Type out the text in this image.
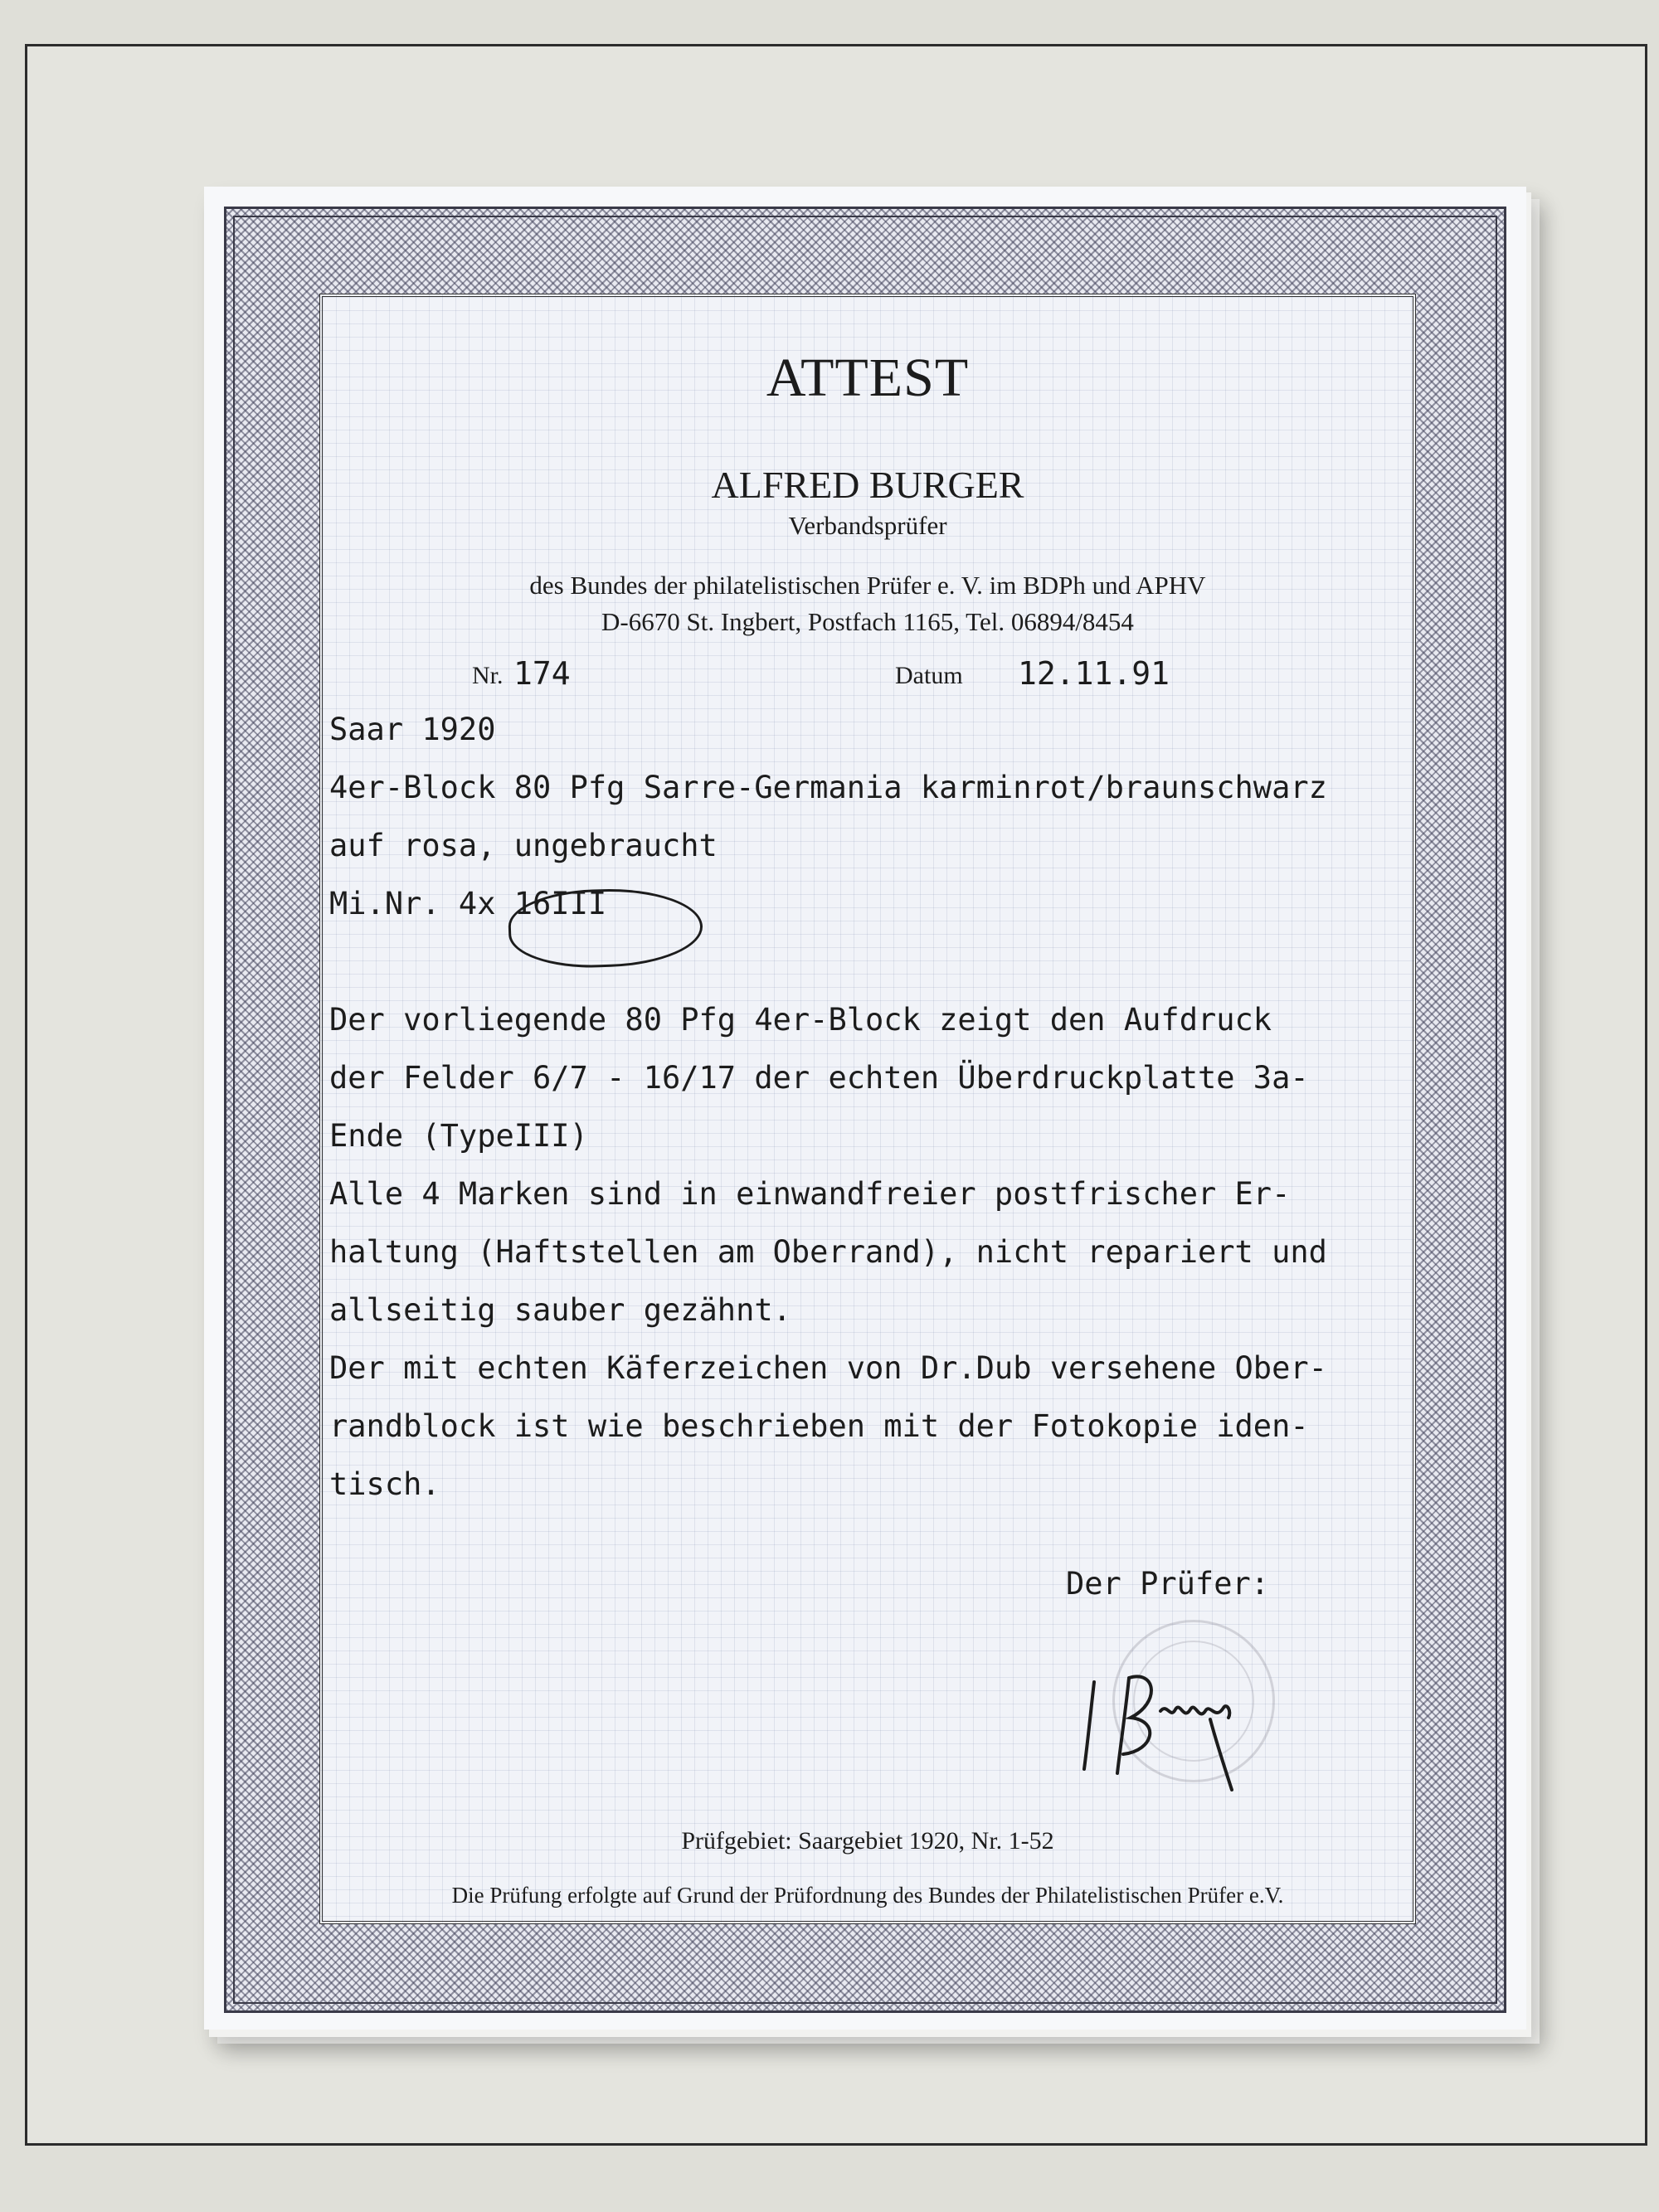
ATTEST
ALFRED BURGER
Verbandsprüfer
des Bundes der philatelistischen Prüfer e. V. im BDPh und APHV
D-6670 St. Ingbert, Postfach 1165, Tel. 06894/8454
Nr. 174	Datum 12.11.91
Saar 1920
4er-Block 80 Pfg Sarre-Germania karminrot/braunschwarz
auf rosa, ungebraucht
Mi.Nr. 4x 16III
Der vorliegende 80 Pfg 4er-Block zeigt den Aufdruck
der Felder 6/7 - 16/17 der echten Überdruckplatte 3a-
Ende (TypeIII)
Alle 4 Marken sind in einwandfreier postfrischer Er-
haltung (Haftstellen am Oberrand), nicht repariert und
allseitig sauber gezähnt.
Der mit echten Käferzeichen von Dr.Dub versehene Ober-
randblock ist wie beschrieben mit der Fotokopie iden-
tisch.
Der Prüfer:
Prüfgebiet: Saargebiet 1920, Nr. 1-52
Die Prüfung erfolgte auf Grund der Prüfordnung des Bundes der Philatelistischen Prüfer e.V.
